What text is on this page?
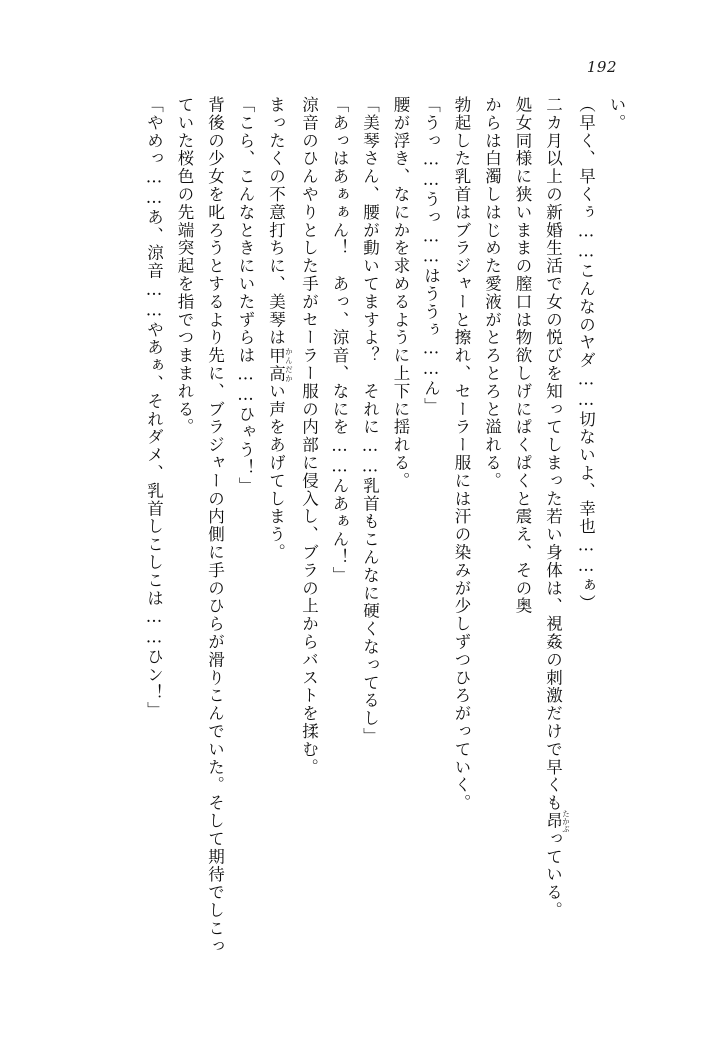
192

い。

（早く、早くぅ……こんなのヤダ……切ないよ、幸也……ぁ）

二カ月以上の新婚生活で女の悦びを知ってしまった若い身体は、視姦の刺激だけで早くも昂 たかぶっている。

処女同様に狭いままの膣口は物欲しげにぱくぱくと震え、その奥

からは白濁しはじめた愛液がとろとろと溢れる。

勃起した乳首はブラジャーと擦れ、セーラー服には汗の染みが少しずつひろがっていく。

「うっ……うっ……はううぅ……ん」

腰が浮き、なにかを求めるように上下に揺れる。

「美琴さん、腰が動いてますよ？　それに……乳首もこんなに硬くなってるし」

「あっはあぁぁん！　あっ、涼音、なにを……んあぁん！」

涼音のひんやりとした手がセーラー服の内部に侵入し、ブラの上からバストを揉む。

まったくの不意打ちに、美琴は甲高 かんだかい声をあげてしまう。

「こら、こんなときにいたずらは……ひゃう！」

背後の少女を叱ろうとするより先に、ブラジャーの内側に手のひらが滑りこんでいた。そして期待でしこっていた桜色の先端突起を指でつままれる。

「やめっ……あ、涼音……やあぁ、それダメ、乳首しこしこは……ひン！」
